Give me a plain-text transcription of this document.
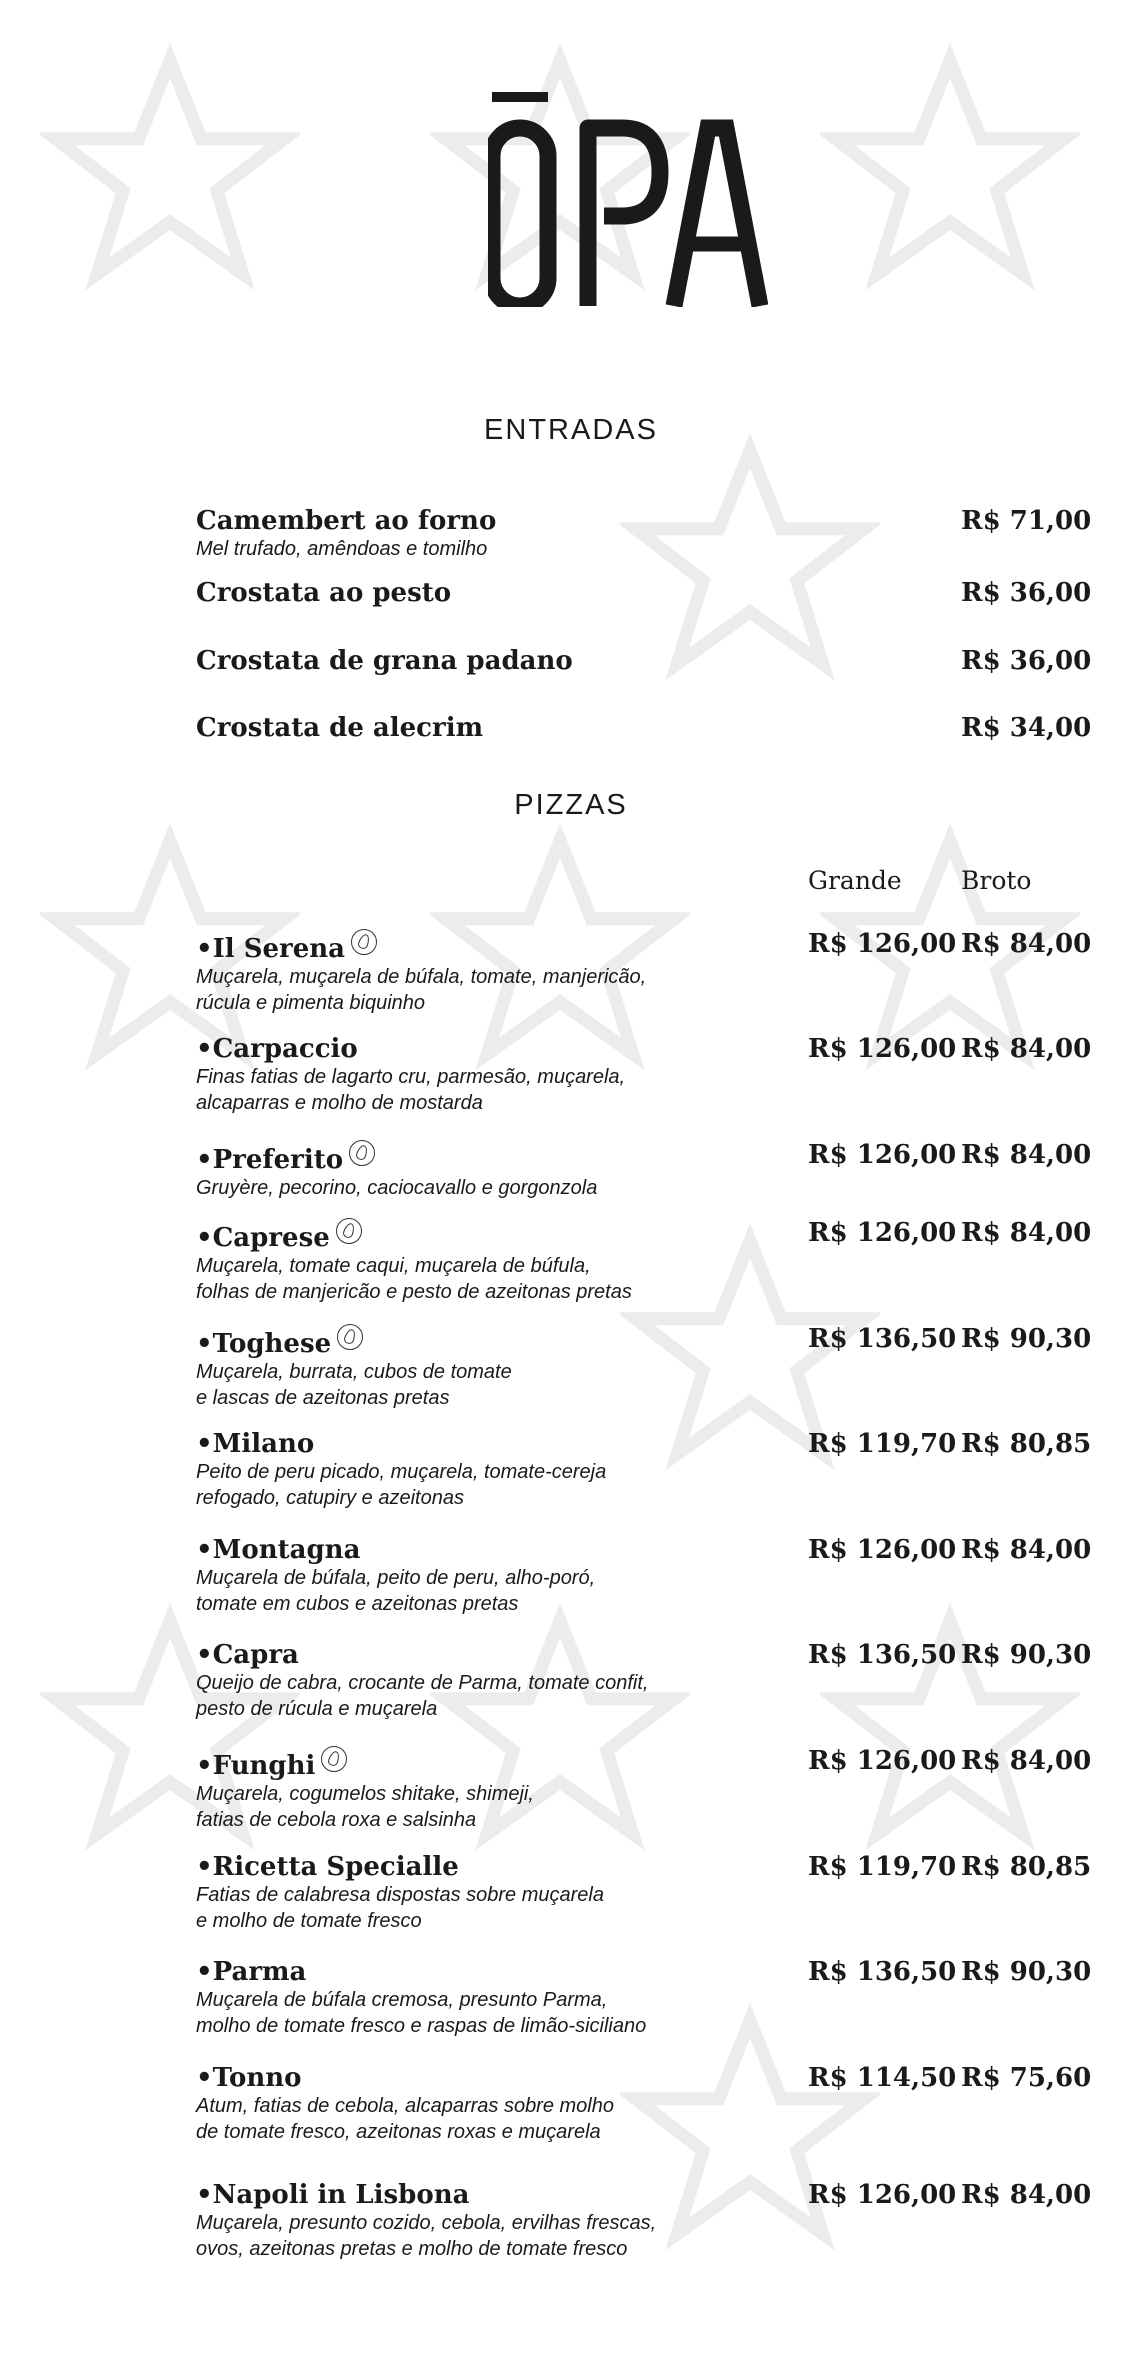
ENTRADAS
Camembert ao forno
Mel trufado, amêndoas e tomilho
R$ 71,00
Crostata ao pesto	R$ 36,00
Crostata de grana padano	R$ 36,00
Crostata de alecrim	R$ 34,00
PIZZAS
Grande Broto
•Il Serena
Muçarela, muçarela de búfala, tomate, manjericão,
rúcula e pimenta biquinho
R$ 126,00 R$ 84,00
•Carpaccio
Finas fatias de lagarto cru, parmesão, muçarela,
alcaparras e molho de mostarda
R$ 126,00 R$ 84,00
•Preferito
Gruyère, pecorino, caciocavallo e gorgonzola
R$ 126,00 R$ 84,00
•Caprese
Muçarela, tomate caqui, muçarela de búfula,
folhas de manjericão e pesto de azeitonas pretas
R$ 126,00 R$ 84,00
•Toghese
Muçarela, burrata, cubos de tomate
e lascas de azeitonas pretas
R$ 136,50 R$ 90,30
•Milano
Peito de peru picado, muçarela, tomate-cereja
refogado, catupiry e azeitonas
R$ 119,70 R$ 80,85
•Montagna
Muçarela de búfala, peito de peru, alho-poró,
tomate em cubos e azeitonas pretas
R$ 126,00 R$ 84,00
•Capra
Queijo de cabra, crocante de Parma, tomate confit,
pesto de rúcula e muçarela
R$ 136,50 R$ 90,30
•Funghi
Muçarela, cogumelos shitake, shimeji,
fatias de cebola roxa e salsinha
R$ 126,00 R$ 84,00
•Ricetta Specialle
Fatias de calabresa dispostas sobre muçarela
e molho de tomate fresco
R$ 119,70 R$ 80,85
•Parma
Muçarela de búfala cremosa, presunto Parma,
molho de tomate fresco e raspas de limão-siciliano
R$ 136,50 R$ 90,30
•Tonno
Atum, fatias de cebola, alcaparras sobre molho
de tomate fresco, azeitonas roxas e muçarela
R$ 114,50 R$ 75,60
•Napoli in Lisbona
Muçarela, presunto cozido, cebola, ervilhas frescas,
ovos, azeitonas pretas e molho de tomate fresco
R$ 126,00 R$ 84,00
